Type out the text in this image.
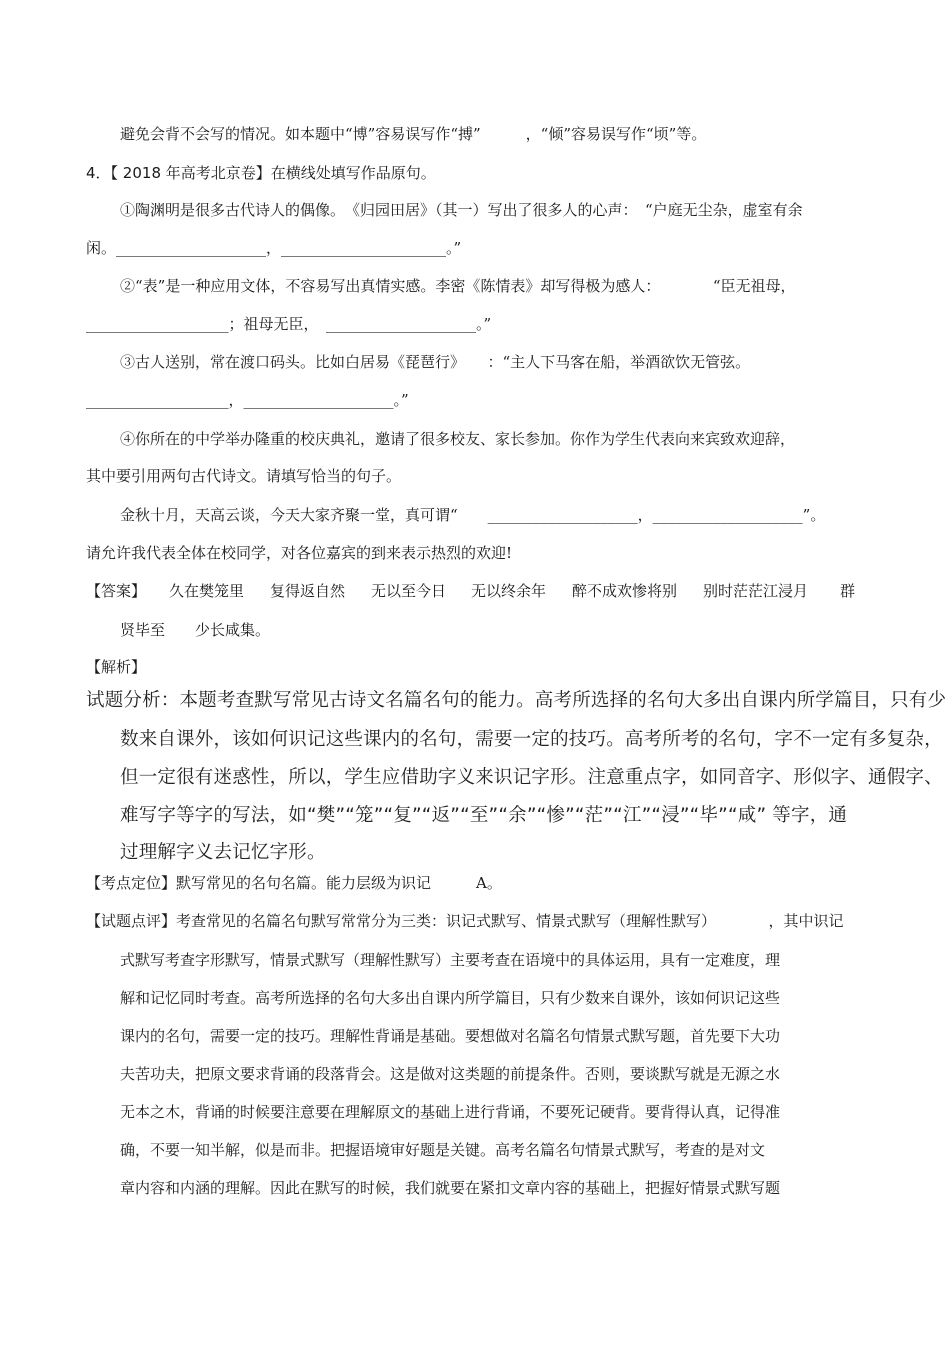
避免会背不会写的情况。如本题中“博”容易误写作“搏”　　　，“倾”容易误写作“顷”等。

4．【 2018 年高考北京卷】在横线处填写作品原句。

①陶渊明是很多古代诗人的偶像。　《归园田居》（其一）写出了很多人的心声：　“户庭无尘杂，虚室有余

闲。____________________，______________________。”

②“表”是一种应用文体，不容易写出真情实感。李密《陈情表》却写得极为感人：　　　　“臣无祖母，

___________________；祖母无臣，　____________________。”

③古人送别，常在渡口码头。比如白居易《琵琶行》　　：“主人下马客在船，举酒欲饮无管弦。

___________________，____________________。”

④你所在的中学举办隆重的校庆典礼，邀请了很多校友、家长参加。你作为学生代表向来宾致欢迎辞，

其中要引用两句古代诗文。请填写恰当的句子。

金秋十月，天高云谈，今天大家齐聚一堂，真可谓“　　____________________，____________________”。

请允许我代表全体在校同学，对各位嘉宾的到来表示热烈的欢迎!

【答案】 久在樊笼里 复得返自然 无以至今日 无以终余年 醉不成欢惨将别 别时茫茫江浸月 群

贤毕至　　少长咸集。

【解析】

试题分析：本题考查默写常见古诗文名篇名句的能力。高考所选择的名句大多出自课内所学篇目，只有少

数来自课外，该如何识记这些课内的名句，需要一定的技巧。高考所考的名句，字不一定有多复杂，

但一定很有迷惑性，所以，学生应借助字义来识记字形。注意重点字，如同音字、形似字、通假字、

难写字等字的写法，如“樊”“笼”“复”“返”“至”“余”“惨”“茫”“江”“浸”“毕”“咸” 等字，通

过理解字义去记忆字形。

【考点定位】默写常见的名句名篇。能力层级为识记　　　A。

【试题点评】考查常见的名篇名句默写常常分为三类：识记式默写、情景式默写（理解性默写）　　　　，其中识记

式默写考查字形默写，情景式默写（理解性默写）主要考查在语境中的具体运用，具有一定难度，理

解和记忆同时考查。高考所选择的名句大多出自课内所学篇目，只有少数来自课外，该如何识记这些

课内的名句，需要一定的技巧。理解性背诵是基础。要想做对名篇名句情景式默写题，首先要下大功

夫苦功夫，把原文要求背诵的段落背会。这是做对这类题的前提条件。否则，要谈默写就是无源之水

无本之木，背诵的时候要注意要在理解原文的基础上进行背诵，不要死记硬背。要背得认真，记得准

确，不要一知半解，似是而非。把握语境审好题是关键。高考名篇名句情景式默写，考查的是对文

章内容和内涵的理解。因此在默写的时候，我们就要在紧扣文章内容的基础上，把握好情景式默写题
